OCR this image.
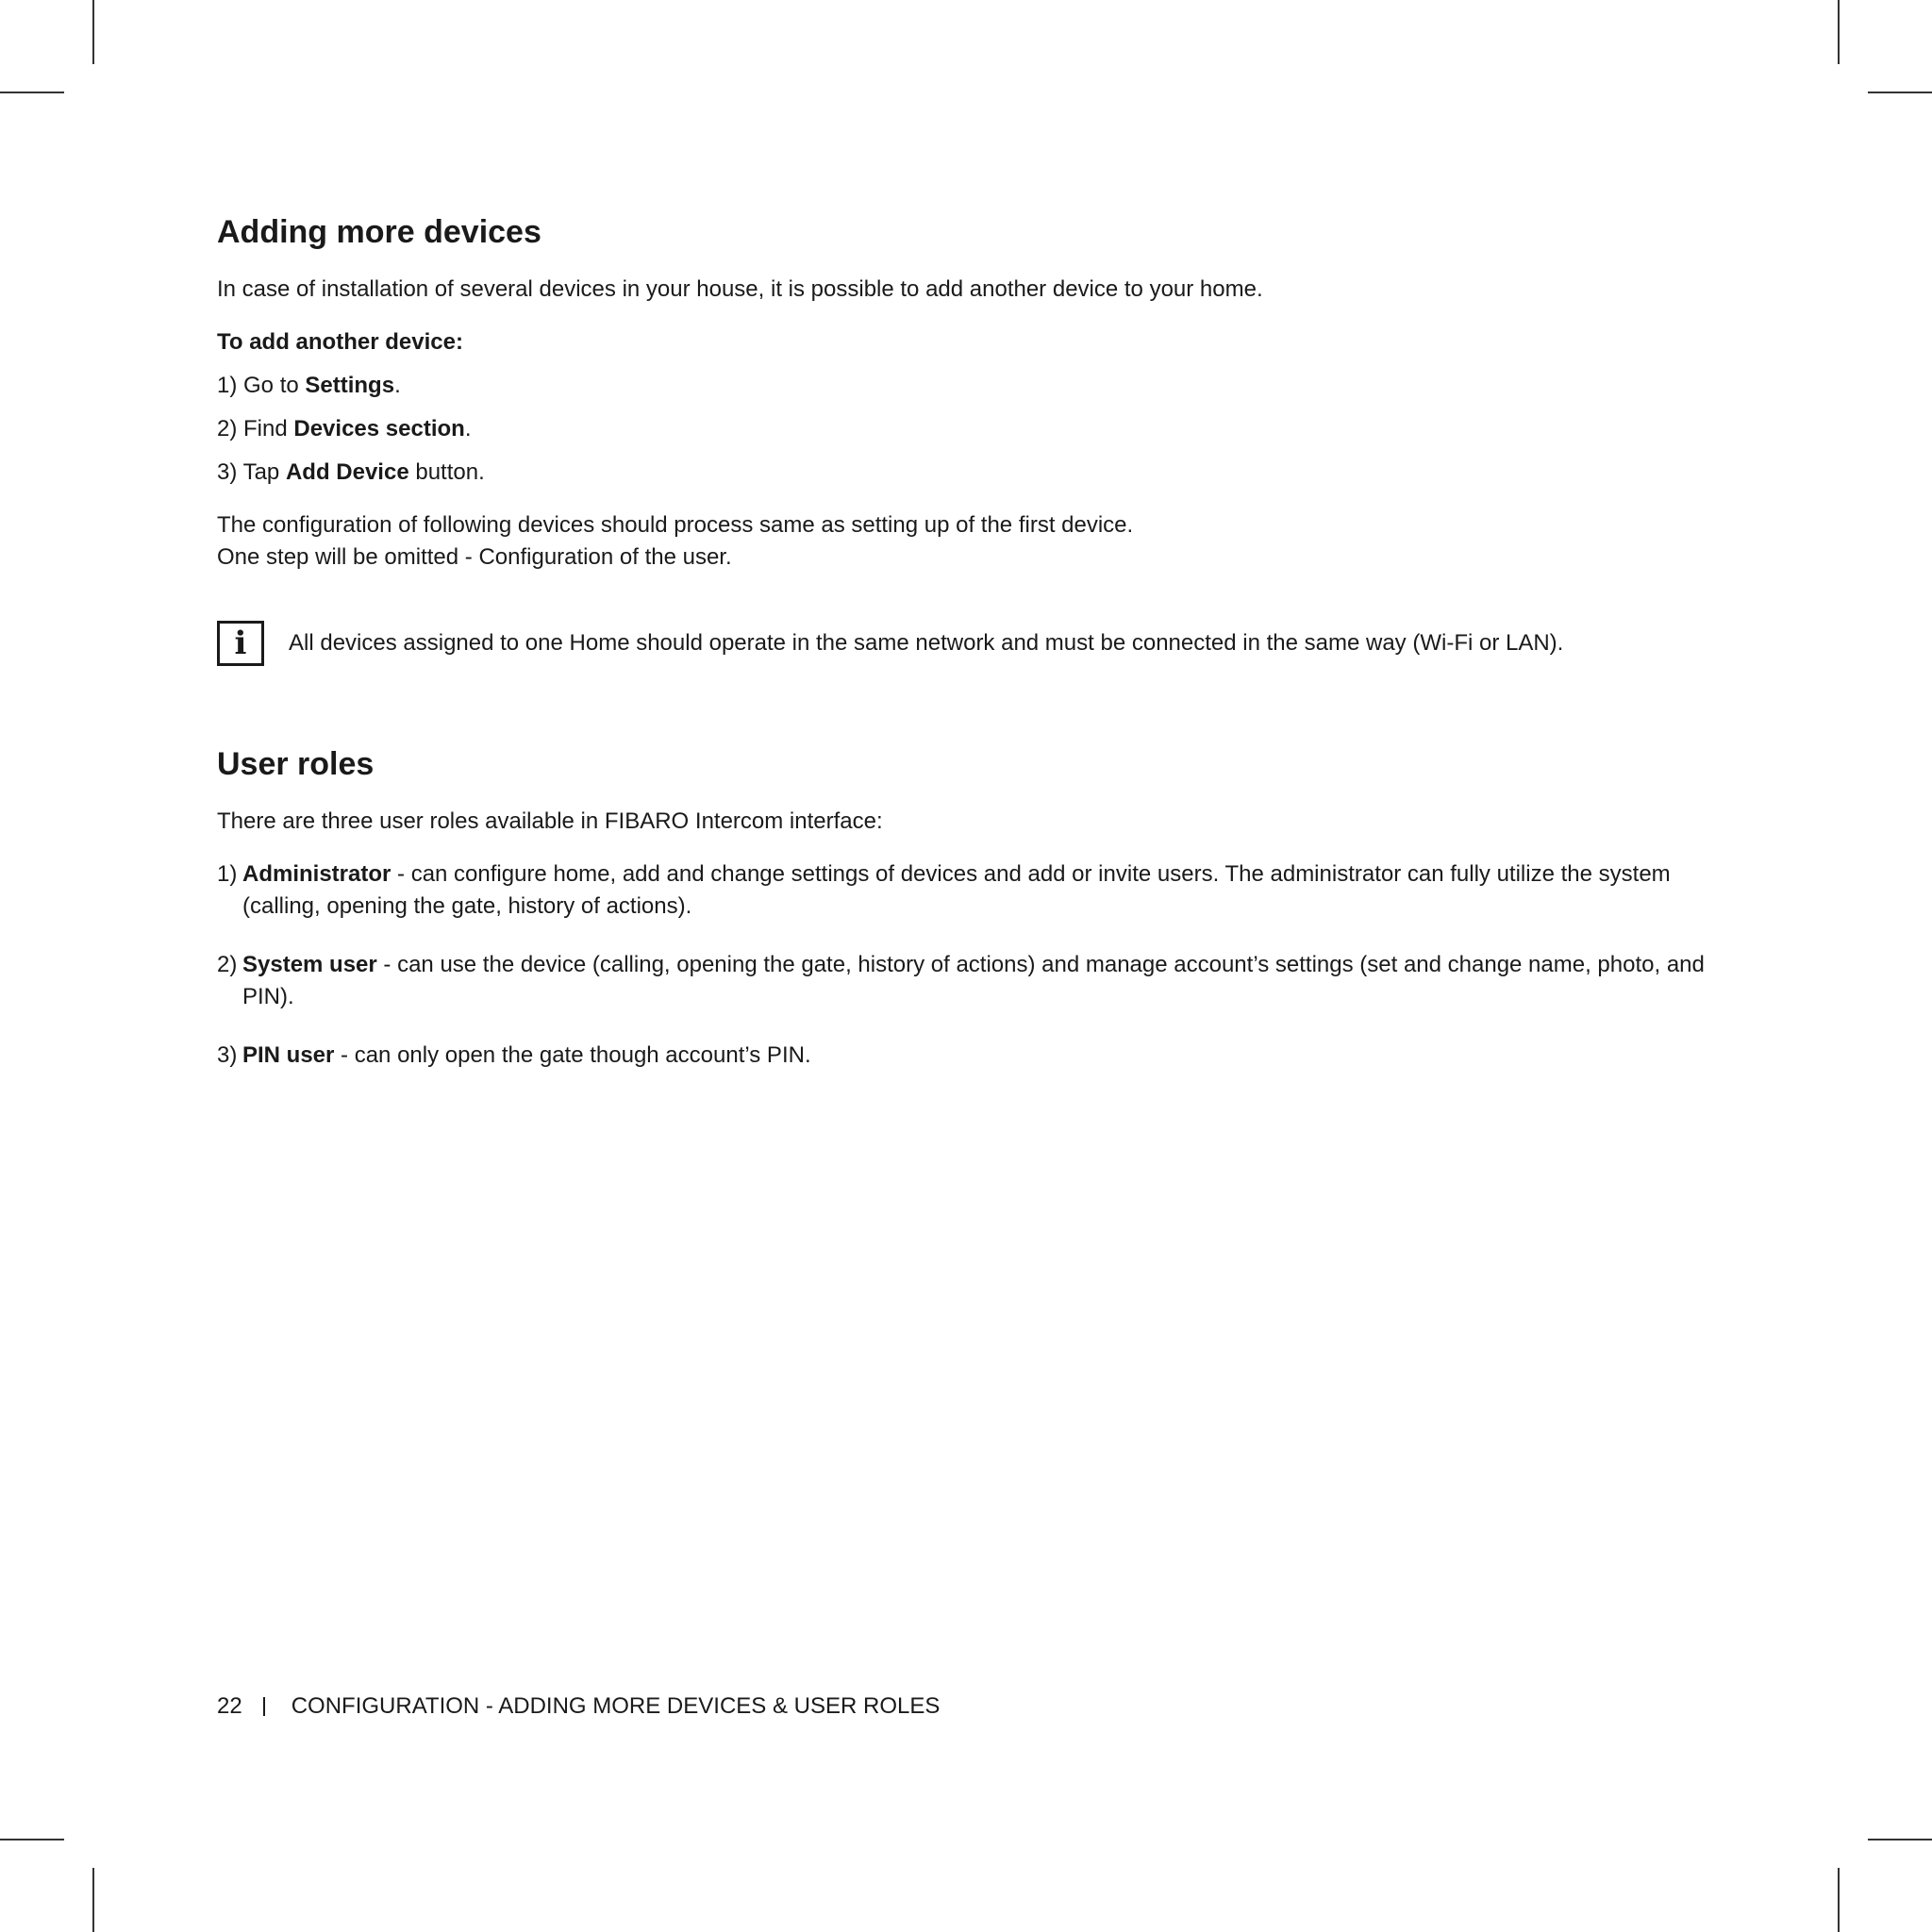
Adding more devices

In case of installation of several devices in your house, it is possible to add another device to your home.

To add another device:

1) Go to Settings.

2) Find Devices section.

3) Tap Add Device button.

The configuration of following devices should process same as setting up of the first device.

One step will be omitted - Configuration of the user.

i	All devices assigned to one Home should operate in the same network and must be connected in the same way (Wi-Fi or LAN).
User roles

There are three user roles available in FIBARO Intercom interface:

1) Administrator - can configure home, add and change settings of devices and add or invite users. The administrator can fully utilize the system (calling, opening the gate, history of actions).
2) System user - can use the device (calling, opening the gate, history of actions) and manage account’s settings (set and change name, photo, and PIN).
3) PIN user - can only open the gate though account’s PIN.
22 CONFIGURATION - ADDING MORE DEVICES & USER ROLES
